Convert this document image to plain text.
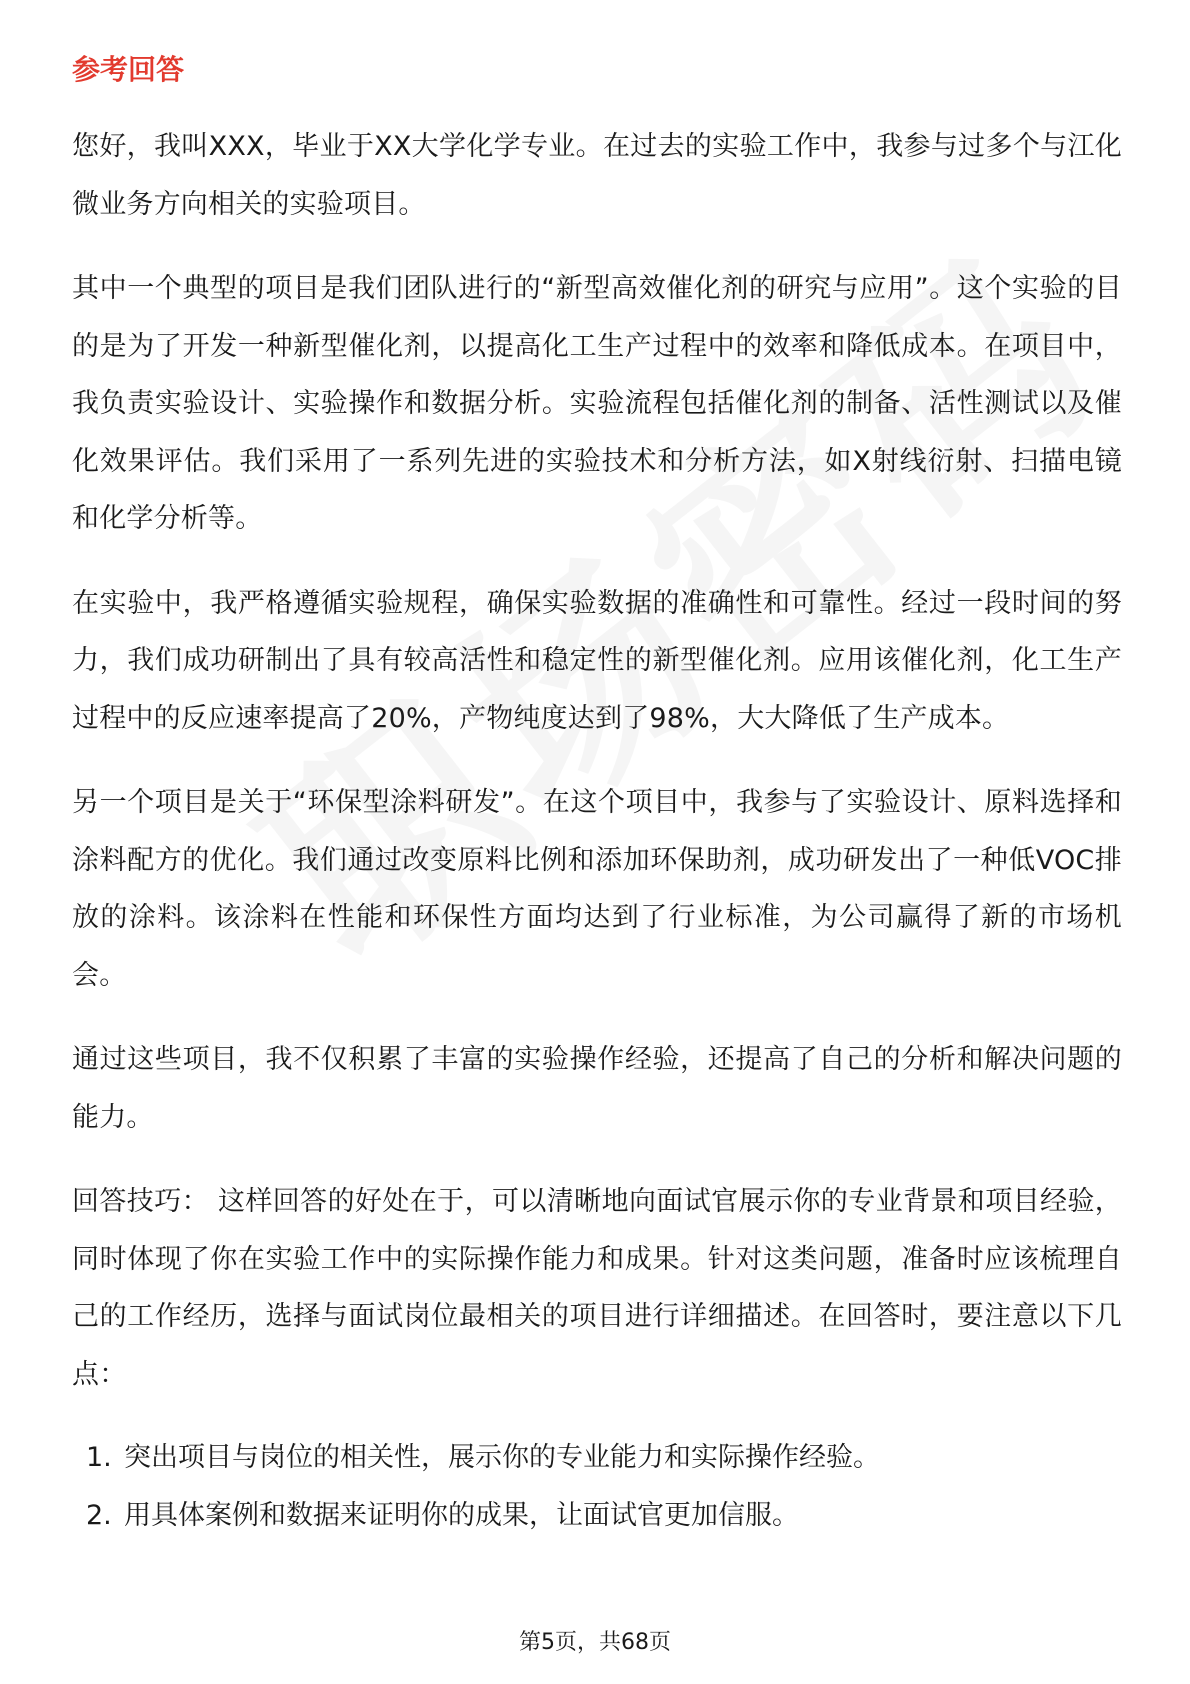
参考回答

您好，我叫XXX，毕业于XX大学化学专业。在过去的实验工作中，我参与过多个与江化微业务方向相关的实验项目。

其中一个典型的项目是我们团队进行的“新型高效催化剂的研究与应用”。这个实验的目的是为了开发一种新型催化剂，以提高化工生产过程中的效率和降低成本。在项目中，我负责实验设计、实验操作和数据分析。实验流程包括催化剂的制备、活性测试以及催化效果评估。我们采用了一系列先进的实验技术和分析方法，如X射线衍射、扫描电镜和化学分析等。

在实验中，我严格遵循实验规程，确保实验数据的准确性和可靠性。经过一段时间的努力，我们成功研制出了具有较高活性和稳定性的新型催化剂。应用该催化剂，化工生产过程中的反应速率提高了20%，产物纯度达到了98%，大大降低了生产成本。

另一个项目是关于“环保型涂料研发”。在这个项目中，我参与了实验设计、原料选择和涂料配方的优化。我们通过改变原料比例和添加环保助剂，成功研发出了一种低VOC排放的涂料。该涂料在性能和环保性方面均达到了行业标准，为公司赢得了新的市场机会。

通过这些项目，我不仅积累了丰富的实验操作经验，还提高了自己的分析和解决问题的能力。

回答技巧： 这样回答的好处在于，可以清晰地向面试官展示你的专业背景和项目经验，同时体现了你在实验工作中的实际操作能力和成果。针对这类问题，准备时应该梳理自己的工作经历，选择与面试岗位最相关的项目进行详细描述。在回答时，要注意以下几点：

1. 突出项目与岗位的相关性，展示你的专业能力和实际操作经验。
2. 用具体案例和数据来证明你的成果，让面试官更加信服。
第5页，共68页
